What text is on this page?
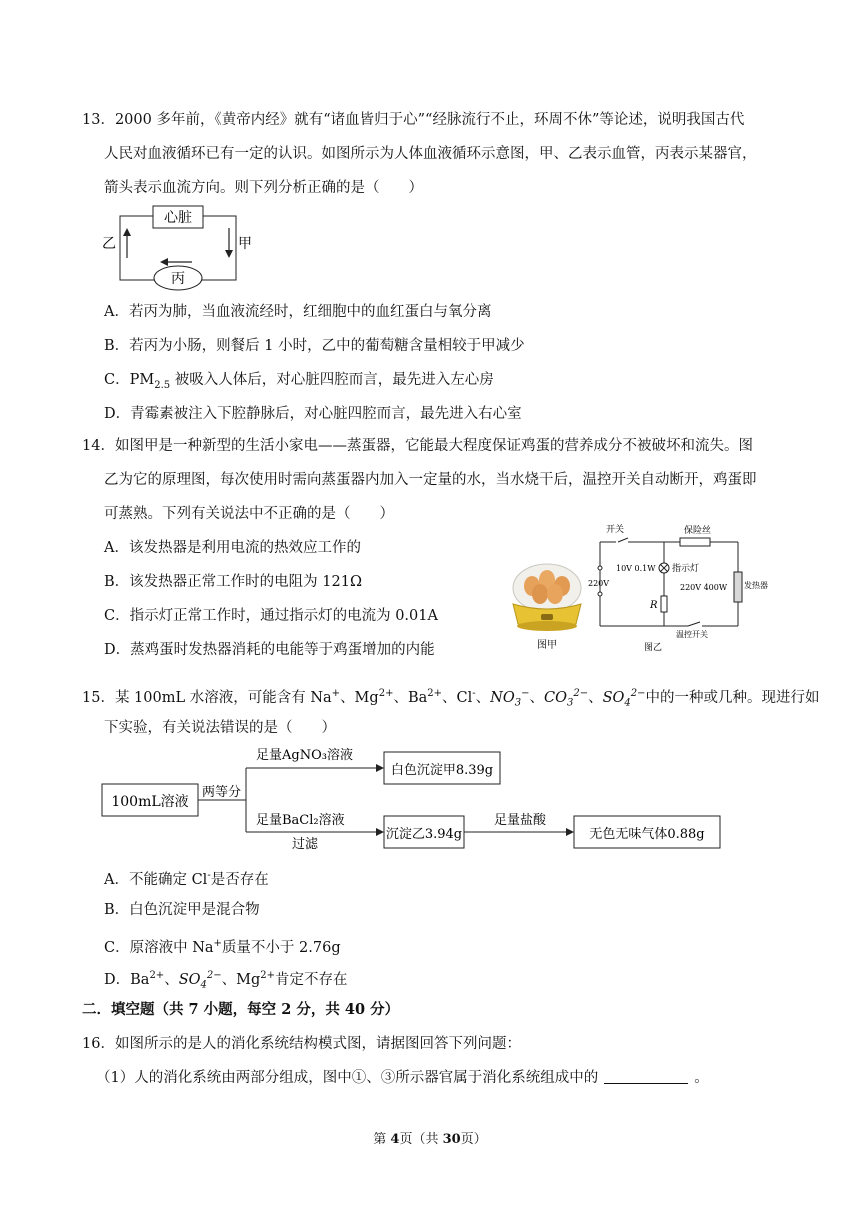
13．2000 多年前，《黄帝内经》就有“诸血皆归于心”“经脉流行不止，环周不休”等论述，说明我国古代
人民对血液循环已有一定的认识。如图所示为人体血液循环示意图，甲、乙表示血管，丙表示某器官，
箭头表示血流方向。则下列分析正确的是（　　）
心脏
丙
乙	甲
A．若丙为肺，当血液流经时，红细胞中的血红蛋白与氧分离
B．若丙为小肠，则餐后 1 小时，乙中的葡萄糖含量相较于甲减少
C．$PM_{2.5}$ 被吸入人体后，对心脏四腔而言，最先进入左心房
D．青霉素被注入下腔静脉后，对心脏四腔而言，最先进入右心室
14．如图甲是一种新型的生活小家电——蒸蛋器，它能最大程度保证鸡蛋的营养成分不被破坏和流失。图
乙为它的原理图，每次使用时需向蒸蛋器内加入一定量的水，当水烧干后，温控开关自动断开，鸡蛋即
可蒸熟。下列有关说法中不正确的是（　　）
A．该发热器是利用电流的热效应工作的
B．该发热器正常工作时的电阻为 121Ω
C．指示灯正常工作时，通过指示灯的电流为 0.01A
D．蒸鸡蛋时发热器消耗的电能等于鸡蛋增加的内能	图甲
开关	保险丝
10V 0.1W 指示灯
220V	220V 400W 发热器
R
温控开关
图乙
15．某 100mL 水溶液，可能含有 Na+、$Mg^{2+}$、$Ba^{2+}$、Cl-、$NO_3^-$、$CO_3^{2-}$、$SO_4^{2-}$中的一种或几种。现进行如
下实验，有关说法错误的是（　　）
100mL溶液
两等分
足量AgNO₃溶液
白色沉淀甲8.39g
足量BaCl₂溶液
过滤
沉淀乙3.94g
足量盐酸
无色无味气体0.88g
A．不能确定 Cl-是否存在
B．白色沉淀甲是混合物
C．原溶液中 Na+质量不小于 2.76g
D．$Ba^{2+}$、$SO_4^{2-}$、$Mg^{2+}$肯定不存在
二．填空题（共 7 小题，每空 2 分，共 40 分）
16．如图所示的是人的消化系统结构模式图，请据图回答下列问题：
（1）人的消化系统由两部分组成，图中①、③所示器官属于消化系统组成中的	。
第 4页（共 30页）
